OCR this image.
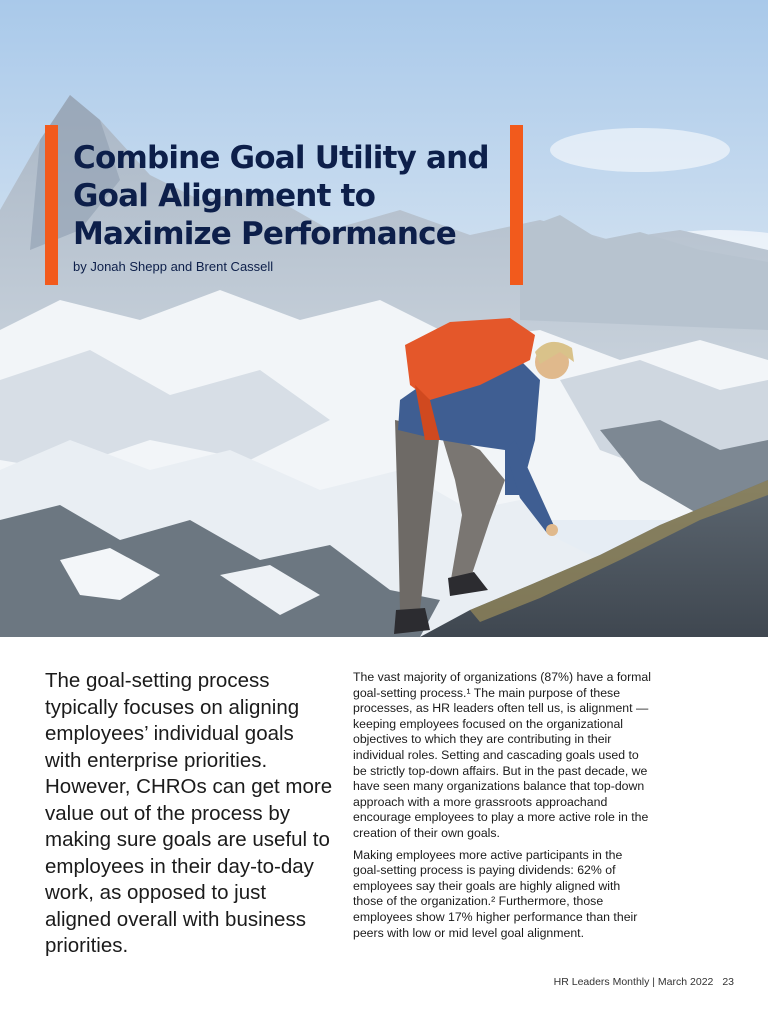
Combine Goal Utility and Goal Alignment to Maximize Performance
by Jonah Shepp and Brent Cassell
The goal-setting process typically focuses on aligning employees’ individual goals with enterprise priorities. However, CHROs can get more value out of the process by making sure goals are useful to employees in their day-to-day work, as opposed to just aligned overall with business priorities.

The vast majority of organizations (87%) have a formal goal-setting process.¹ The main purpose of these processes, as HR leaders often tell us, is alignment — keeping employees focused on the organizational objectives to which they are contributing in their individual roles. Setting and cascading goals used to be strictly top-down affairs. But in the past decade, we have seen many organizations balance that top-down approach with a more grassroots approachand encourage employees to play a more active role in the creation of their own goals.

Making employees more active participants in the goal-setting process is paying dividends: 62% of employees say their goals are highly aligned with those of the organization.² Furthermore, those employees show 17% higher performance than their peers with low or mid level goal alignment.

HR Leaders Monthly | March 2022 23
